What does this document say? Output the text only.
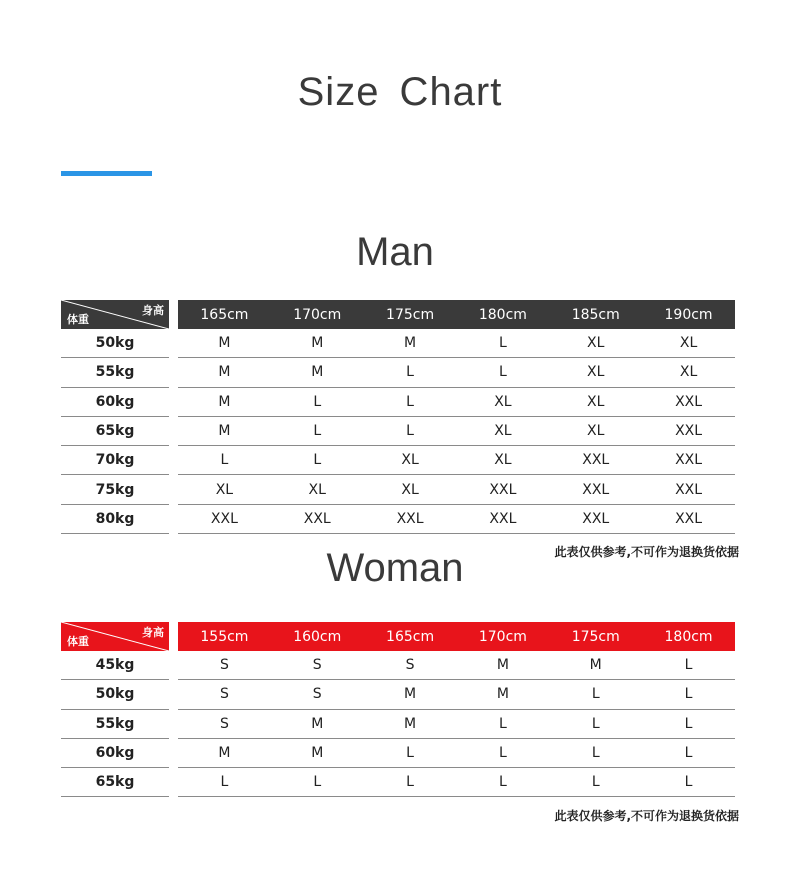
Size Chart
Man
身高
体重	165cm	170cm	175cm	180cm	185cm	190cm
50kg	M	M	M	L	XL	XL
55kg	M	M	L	L	XL	XL
60kg	M	L	L	XL	XL	XXL
65kg	M	L	L	XL	XL	XXL
70kg	L	L	XL	XL	XXL	XXL
75kg	XL	XL	XL	XXL	XXL	XXL
80kg	XXL	XXL	XXL	XXL	XXL	XXL
此表仅供参考,不可作为退换货依据
Woman
身高
体重	155cm	160cm	165cm	170cm	175cm	180cm
45kg	S	S	S	M	M	L
50kg	S	S	M	M	L	L
55kg	S	M	M	L	L	L
60kg	M	M	L	L	L	L
65kg	L	L	L	L	L	L
此表仅供参考,不可作为退换货依据
